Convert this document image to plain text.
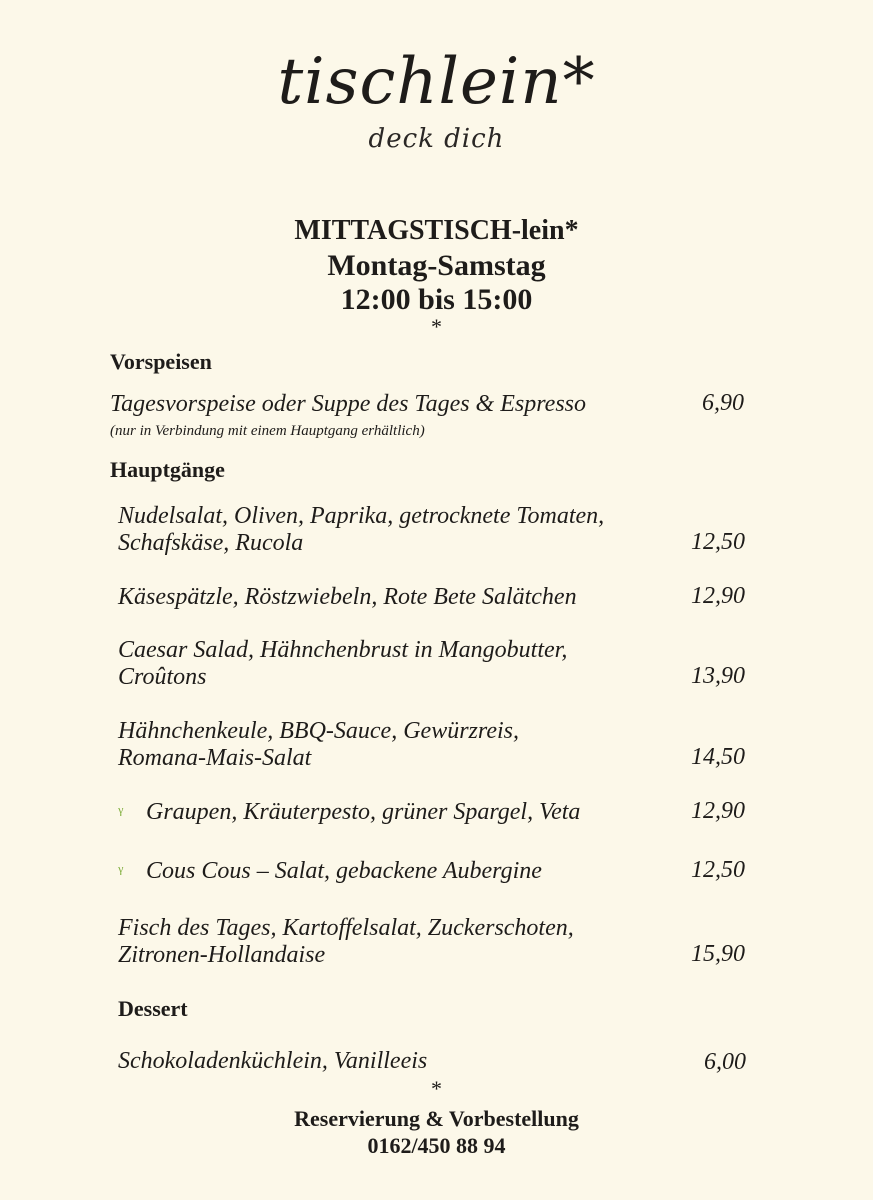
tischlein*
deck dich
MITTAGSTISCH-lein*
Montag-Samstag
12:00 bis 15:00
*
Vorspeisen
Tagesvorspeise oder Suppe des Tages & Espresso	6,90
(nur in Verbindung mit einem Hauptgang erhältlich)
Hauptgänge
Nudelsalat, Oliven, Paprika, getrocknete Tomaten,
Schafskäse, Rucola	12,50
Käsespätzle, Röstzwiebeln, Rote Bete Salätchen	12,90
Caesar Salad, Hähnchenbrust in Mangobutter,
Croûtons	13,90
Hähnchenkeule, BBQ-Sauce, Gewürzreis,
Romana-Mais-Salat	14,50
ᵞ Graupen, Kräuterpesto, grüner Spargel, Veta	12,90
ᵞ Cous Cous – Salat, gebackene Aubergine	12,50
Fisch des Tages, Kartoffelsalat, Zuckerschoten,
Zitronen-Hollandaise	15,90
Dessert
Schokoladenküchlein, Vanilleeis	6,00
*
Reservierung & Vorbestellung
0162/450 88 94
